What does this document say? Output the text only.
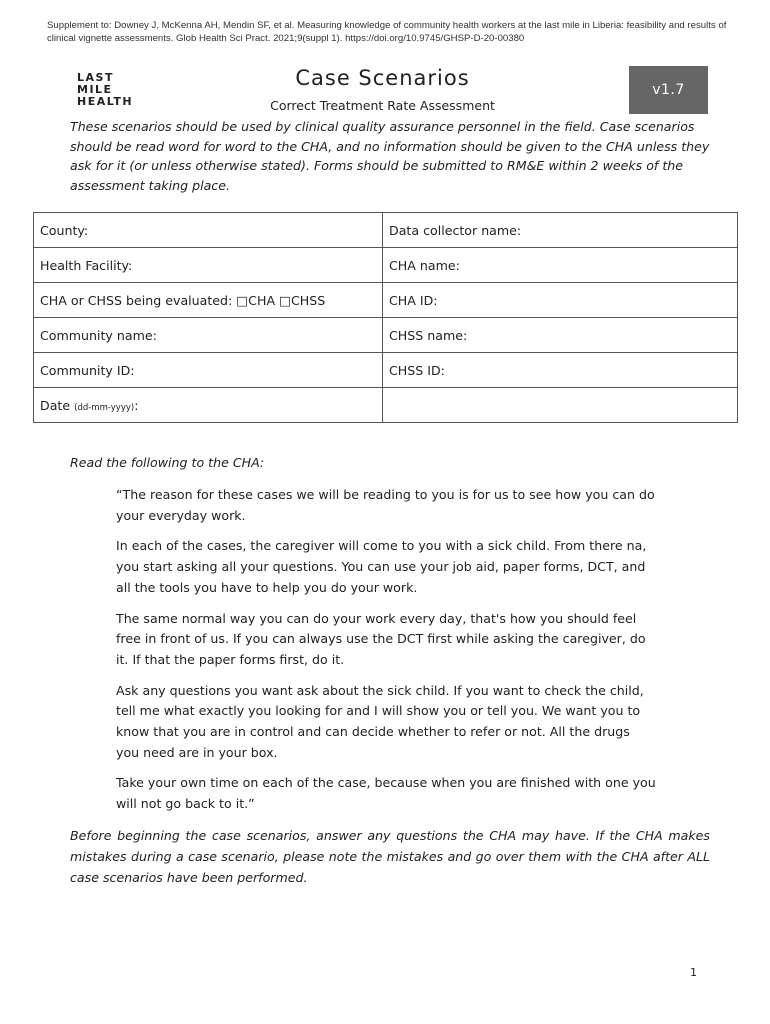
Supplement to: Downey J, McKenna AH, Mendin SF, et al. Measuring knowledge of community health workers at the last mile in Liberia: feasibility and results of clinical vignette assessments. Glob Health Sci Pract. 2021;9(suppl 1). https://doi.org/10.9745/GHSP-D-20-00380
LAST
MILE
HEALTH
Case Scenarios
Correct Treatment Rate Assessment
v1.7
These scenarios should be used by clinical quality assurance personnel in the field. Case scenarios should be read word for word to the CHA, and no information should be given to the CHA unless they ask for it (or unless otherwise stated). Forms should be submitted to RM&E within 2 weeks of the assessment taking place.
County:	Data collector name:
Health Facility:	CHA name:
CHA or CHSS being evaluated: □CHA □CHSS	CHA ID:
Community name:	CHSS name:
Community ID:	CHSS ID:
Date (dd-mm-yyyy):	
Read the following to the CHA:

“The reason for these cases we will be reading to you is for us to see how you can do your everyday work.

In each of the cases, the caregiver will come to you with a sick child. From there na, you start asking all your questions. You can use your job aid, paper forms, DCT, and all the tools you have to help you do your work.

The same normal way you can do your work every day, that's how you should feel free in front of us. If you can always use the DCT first while asking the caregiver, do it. If that the paper forms first, do it.

Ask any questions you want ask about the sick child. If you want to check the child, tell me what exactly you looking for and I will show you or tell you. We want you to know that you are in control and can decide whether to refer or not. All the drugs you need are in your box.

Take your own time on each of the case, because when you are finished with one you will not go back to it.”

Before beginning the case scenarios, answer any questions the CHA may have. If the CHA makes mistakes during a case scenario, please note the mistakes and go over them with the CHA after ALL case scenarios have been performed.
1
